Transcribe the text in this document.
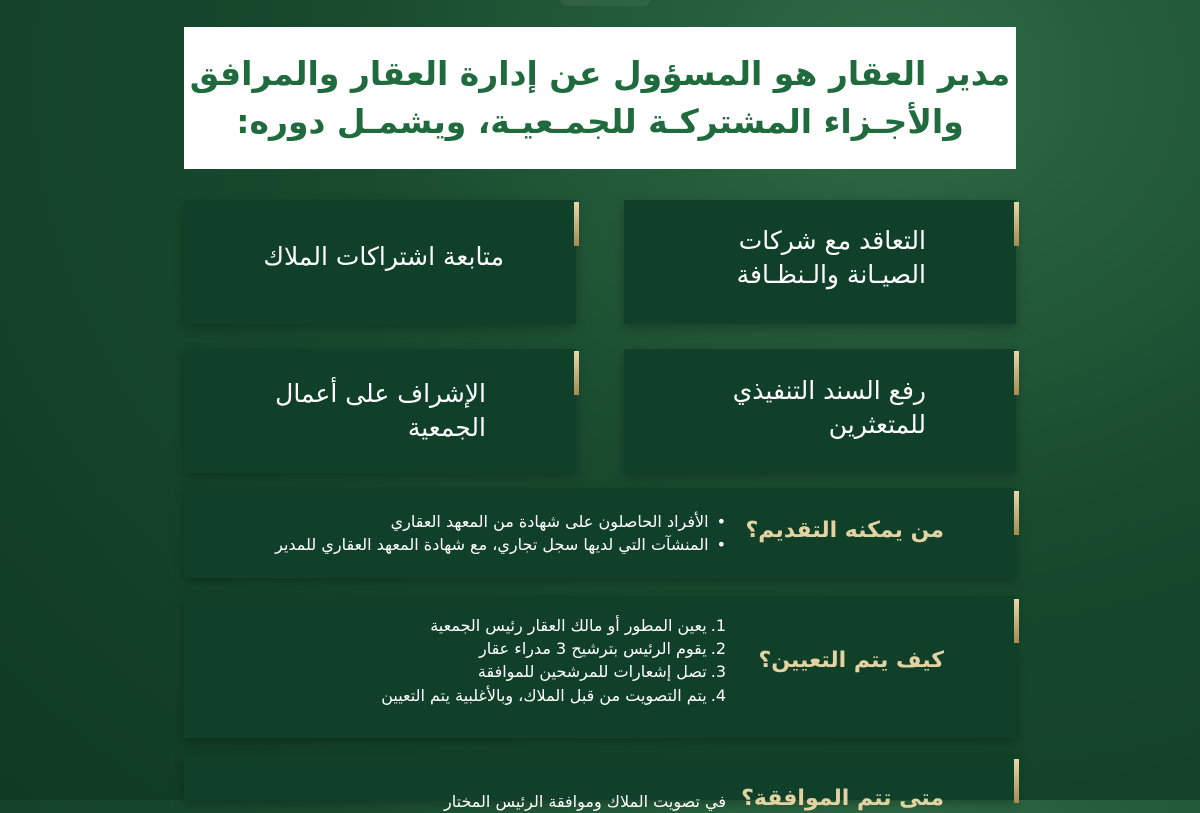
مدير العقار هو المسؤول عن إدارة العقار والمرافق
والأجـزاء المشتركـة للجمـعيـة، ويشمـل دوره:
التعاقد مع شركات
الصيـانة والـنظـافة
متابعة اشتراكات الملاك
رفع السند التنفيذي
للمتعثرين
الإشراف على أعمال
الجمعية
من يمكنه التقديم؟
• الأفراد الحاصلون على شهادة من المعهد العقاري
• المنشآت التي لديها سجل تجاري، مع شهادة المعهد العقاري للمدير
كيف يتم التعيين؟
1.يعين المطور أو مالك العقار رئيس الجمعية
2.يقوم الرئيس بترشيح 3 مدراء عقار
3.تصل إشعارات للمرشحين للموافقة
4.يتم التصويت من قبل الملاك، وبالأغلبية يتم التعيين
متى تتم الموافقة؟
في تصويت الملاك وموافقة الرئيس المختار
